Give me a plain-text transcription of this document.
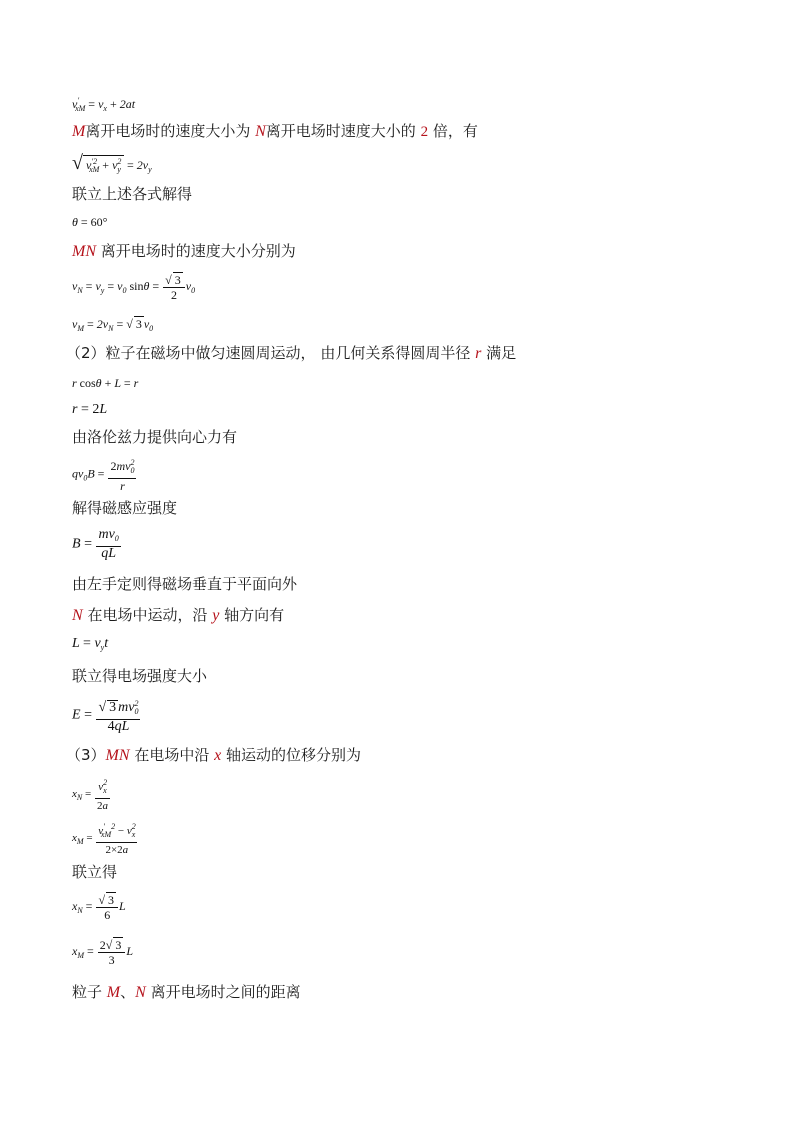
$v'_{xM} = v_x + 2at$
M离开电场时的速度大小为 N离开电场时速度大小的 2 倍，有
√ $v^{'2}_{xM} + v^2_y = 2v_y$
联立上述各式解得
θ = 60°
MN 离开电场时的速度大小分别为
$v_N = v_y = v_0$ $\sin\theta = \frac{√ 3}{2} v_0$
$v_M = 2v_N$ = √ 3 $v_0$
（2）粒子在磁场中做匀速圆周运动， 由几何关系得圆周半径 r 满足
r cosθ + L = r
r = 2L
由洛伦兹力提供向心力有
$qv_0B = \frac{2mv^2_0}{r}$
解得磁感应强度
$B = \frac{mv_0}{qL}$
由左手定则得磁场垂直于平面向外
N 在电场中运动，沿 y 轴方向有
$L = v_yt$
联立得电场强度大小
$E = \frac{√ 3 mv^2_0}{4qL}$
（3）MN 在电场中沿 x 轴运动的位移分别为
$x_N = \frac{v^2_x}{2a}$
$x_M = \frac{v'_{xM}^2 - v^2_x}{2\times 2a}$
联立得
$x_N = \frac{√ 3}{6}$ L
$x_M = \frac{2√ 3}{3}$ L
粒子 M、N 离开电场时之间的距离
